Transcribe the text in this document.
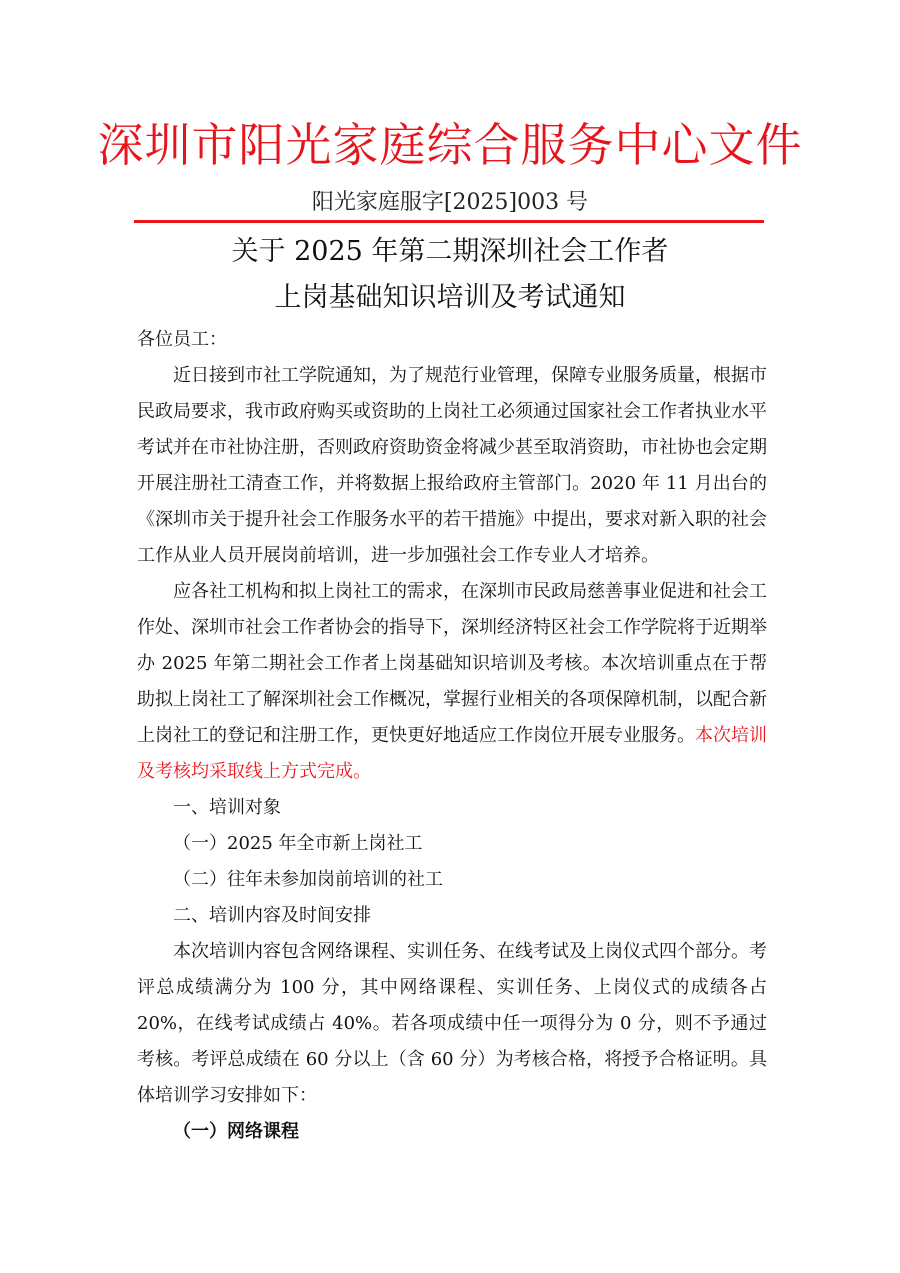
深圳市阳光家庭综合服务中心文件
阳光家庭服字[2025]003 号
关于 2025 年第二期深圳社会工作者
上岗基础知识培训及考试通知

各位员工：

近日接到市社工学院通知，为了规范行业管理，保障专业服务质量，根据市民政局要求，我市政府购买或资助的上岗社工必须通过国家社会工作者执业水平考试并在市社协注册，否则政府资助资金将减少甚至取消资助，市社协也会定期开展注册社工清查工作，并将数据上报给政府主管部门。2020 年 11 月出台的《深圳市关于提升社会工作服务水平的若干措施》中提出，要求对新入职的社会工作从业人员开展岗前培训，进一步加强社会工作专业人才培养。

应各社工机构和拟上岗社工的需求，在深圳市民政局慈善事业促进和社会工作处、深圳市社会工作者协会的指导下，深圳经济特区社会工作学院将于近期举办 2025 年第二期社会工作者上岗基础知识培训及考核。本次培训重点在于帮助拟上岗社工了解深圳社会工作概况，掌握行业相关的各项保障机制，以配合新上岗社工的登记和注册工作，更快更好地适应工作岗位开展专业服务。本次培训及考核均采取线上方式完成。

一、培训对象

（一）2025 年全市新上岗社工

（二）往年未参加岗前培训的社工

二、培训内容及时间安排

本次培训内容包含网络课程、实训任务、在线考试及上岗仪式四个部分。考评总成绩满分为 100 分，其中网络课程、实训任务、上岗仪式的成绩各占 20%，在线考试成绩占 40%。若各项成绩中任一项得分为 0 分，则不予通过考核。考评总成绩在 60 分以上（含 60 分）为考核合格，将授予合格证明。具体培训学习安排如下：

（一）网络课程
